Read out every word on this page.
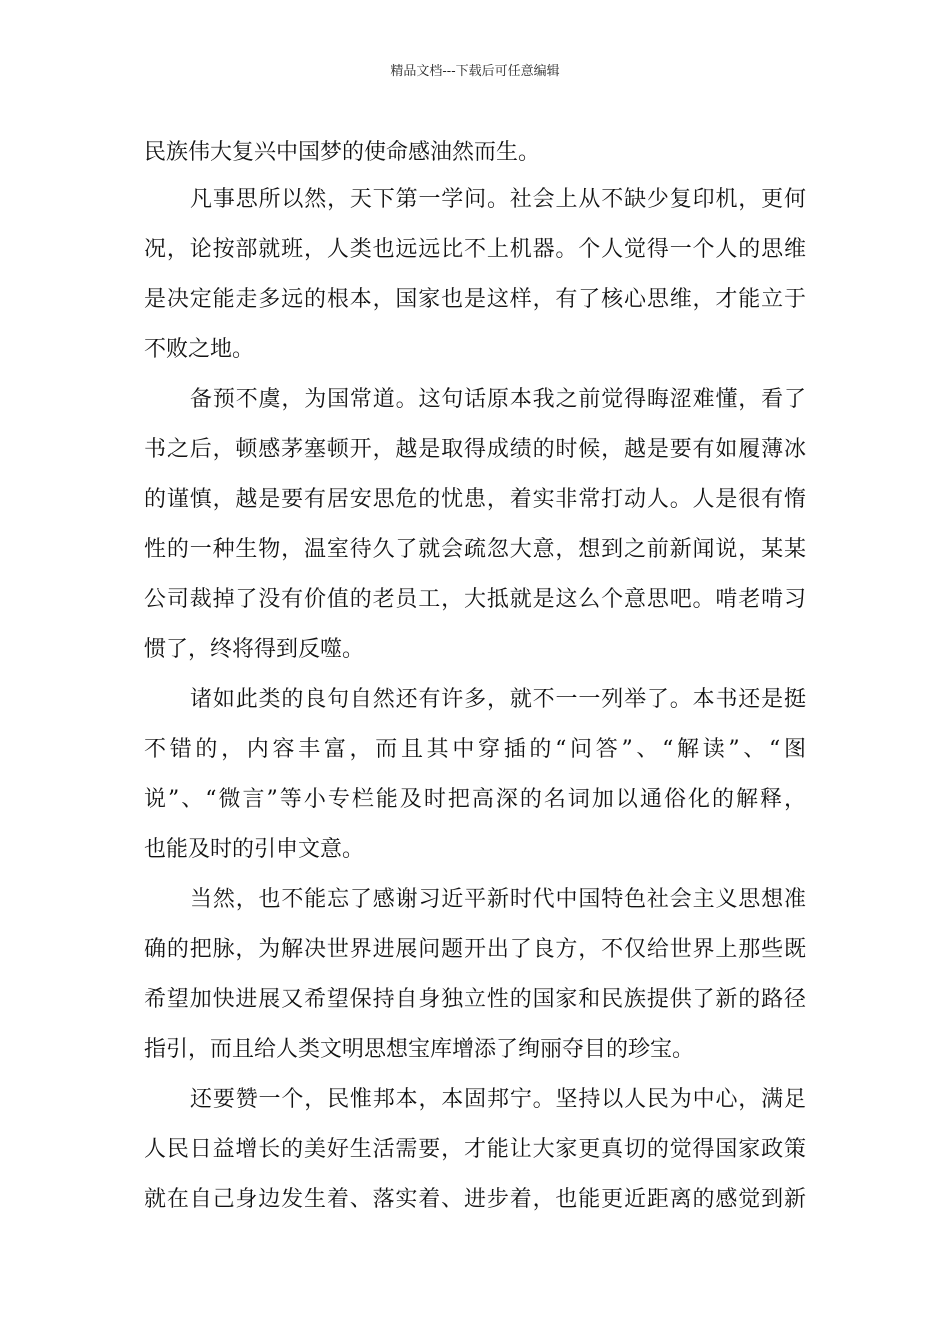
精品文档---下载后可任意编辑
民族伟大复兴中国梦的使命感油然而生。
凡事思所以然，天下第一学问。社会上从不缺少复印机，更何
况，论按部就班，人类也远远比不上机器。个人觉得一个人的思维
是决定能走多远的根本，国家也是这样，有了核心思维，才能立于
不败之地。
备预不虞，为国常道。这句话原本我之前觉得晦涩难懂，看了
书之后，顿感茅塞顿开，越是取得成绩的时候，越是要有如履薄冰
的谨慎，越是要有居安思危的忧患，着实非常打动人。人是很有惰
性的一种生物，温室待久了就会疏忽大意，想到之前新闻说，某某
公司裁掉了没有价值的老员工，大抵就是这么个意思吧。啃老啃习
惯了，终将得到反噬。
诸如此类的良句自然还有许多，就不一一列举了。本书还是挺
不错的，内容丰富，而且其中穿插的“问答”、“解读”、“图
说”、“微言”等小专栏能及时把高深的名词加以通俗化的解释，
也能及时的引申文意。
当然，也不能忘了感谢习近平新时代中国特色社会主义思想准
确的把脉，为解决世界进展问题开出了良方，不仅给世界上那些既
希望加快进展又希望保持自身独立性的国家和民族提供了新的路径
指引，而且给人类文明思想宝库增添了绚丽夺目的珍宝。
还要赞一个，民惟邦本，本固邦宁。坚持以人民为中心，满足
人民日益增长的美好生活需要，才能让大家更真切的觉得国家政策
就在自己身边发生着、落实着、进步着，也能更近距离的感觉到新
